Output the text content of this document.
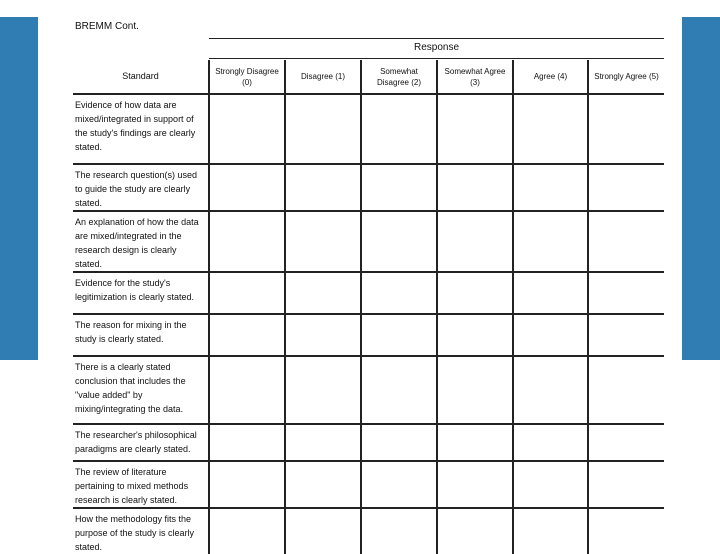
BREMM Cont.
Response
Standard	Strongly Disagree (0)	Disagree (1)	Somewhat Disagree (2)	Somewhat Agree (3)	Agree (4)	Strongly Agree (5)
Evidence of how data are mixed/integrated in support of the study's findings are clearly stated.						
The research question(s) used to guide the study are clearly stated.						
An explanation of how the data are mixed/integrated in the research design is clearly stated.						
Evidence for the study's legitimization is clearly stated.						
The reason for mixing in the study is clearly stated.						
There is a clearly stated conclusion that includes the "value added" by mixing/integrating the data.						
The researcher's philosophical paradigms are clearly stated.						
The review of literature pertaining to mixed methods research is clearly stated.						
How the methodology fits the purpose of the study is clearly stated.						
